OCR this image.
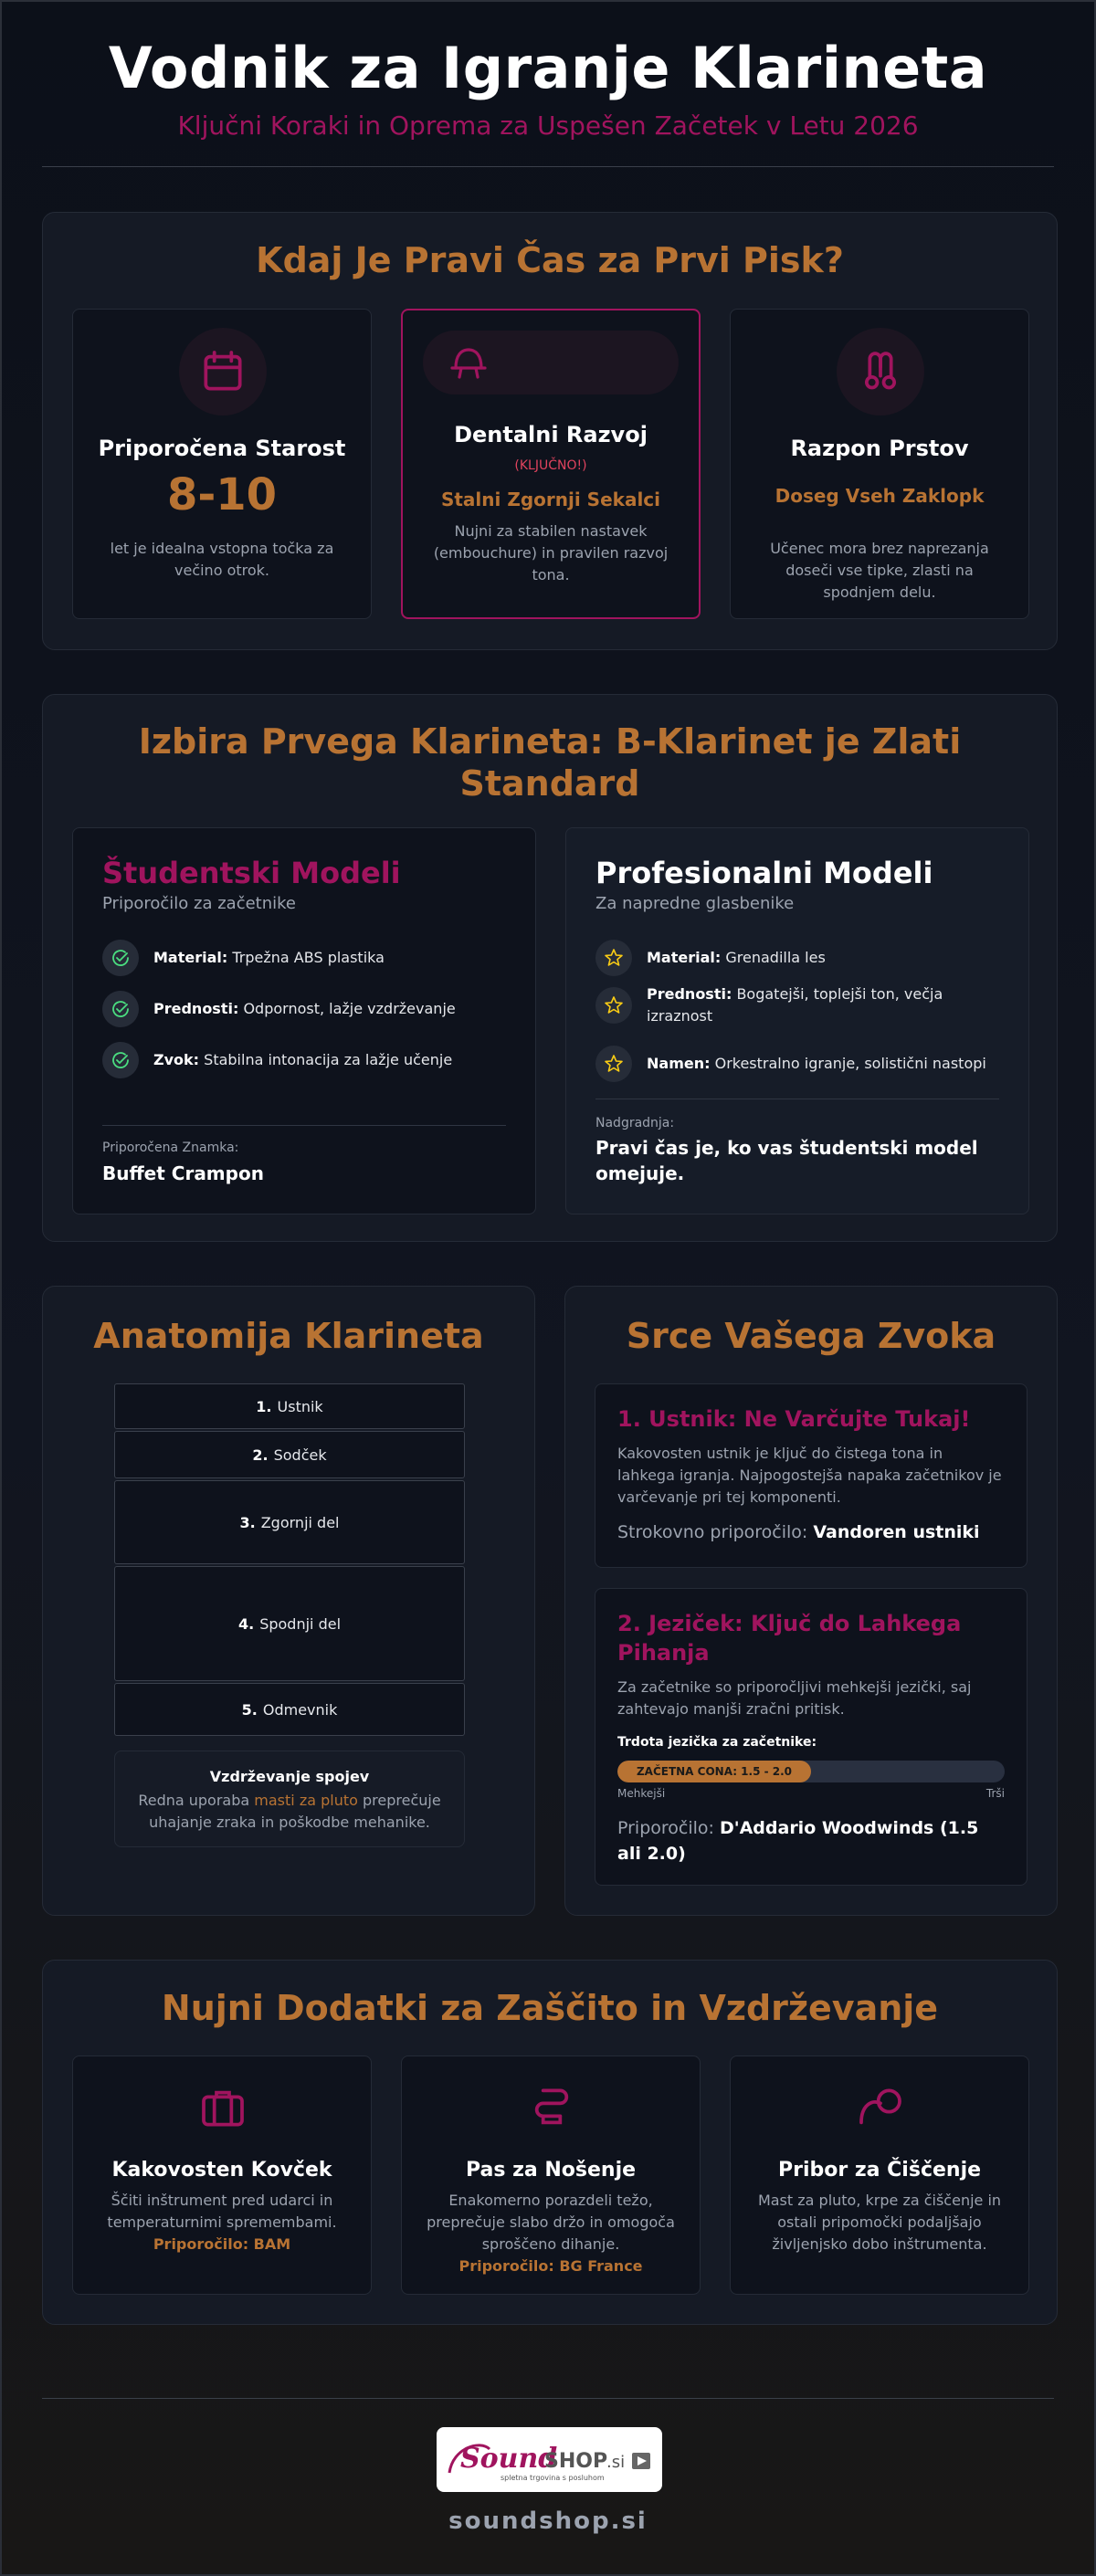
Vodnik za Igranje Klarineta
Ključni Koraki in Oprema za Uspešen Začetek v Letu 2026
Kdaj Je Pravi Čas za Prvi Pisk?
Priporočena Starost
8-10
let je idealna vstopna točka za večino otrok.
Dentalni Razvoj
(KLJUČNO!)
Stalni Zgornji Sekalci
Nujni za stabilen nastavek (embouchure) in pravilen razvoj tona.
Razpon Prstov
Doseg Vseh Zaklopk
Učenec mora brez naprezanja doseči vse tipke, zlasti na spodnjem delu.
Izbira Prvega Klarineta: B-Klarinet je Zlati Standard
Študentski Modeli
Priporočilo za začetnike
Material: Trpežna ABS plastika
Prednosti: Odpornost, lažje vzdrževanje
Zvok: Stabilna intonacija za lažje učenje
Priporočena Znamka:
Buffet Crampon
Profesionalni Modeli
Za napredne glasbenike
Material: Grenadilla les
Prednosti: Bogatejši, toplejši ton, večja izraznost
Namen: Orkestralno igranje, solistični nastopi
Nadgradnja:
Pravi čas je, ko vas študentski model omejuje.
Anatomija Klarineta
1. Ustnik
2. Sodček
3. Zgornji del
4. Spodnji del
5. Odmevnik
Vzdrževanje spojev
Redna uporaba masti za pluto preprečuje uhajanje zraka in poškodbe mehanike.
Srce Vašega Zvoka
1. Ustnik: Ne Varčujte Tukaj!
Kakovosten ustnik je ključ do čistega tona in lahkega igranja. Najpogostejša napaka začetnikov je varčevanje pri tej komponenti.
Strokovno priporočilo: Vandoren ustniki
2. Jeziček: Ključ do Lahkega Pihanja
Za začetnike so priporočljivi mehkejši jezički, saj zahtevajo manjši zračni pritisk.
Trdota jezička za začetnike:
ZAČETNA CONA: 1.5 - 2.0
Mehkejši	Trši
Priporočilo: D'Addario Woodwinds (1.5 ali 2.0)
Nujni Dodatki za Zaščito in Vzdrževanje
Kakovosten Kovček
Ščiti inštrument pred udarci in temperaturnimi spremembami.
Priporočilo: BAM
Pas za Nošenje
Enakomerno porazdeli težo, preprečuje slabo držo in omogoča sproščeno dihanje.
Priporočilo: BG France
Pribor za Čiščenje
Mast za pluto, krpe za čiščenje in ostali pripomočki podaljšajo življenjsko dobo inštrumenta.
Sound
SHOP
.si
spletna trgovina s posluhom
soundshop.si
